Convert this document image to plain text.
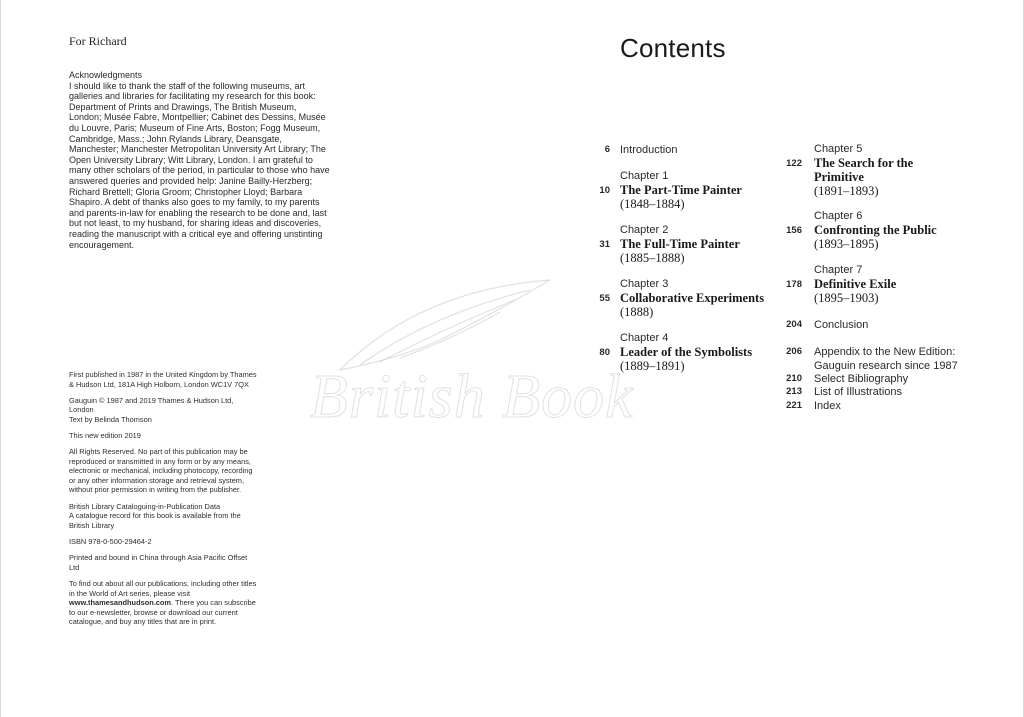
For Richard
Acknowledgments
I should like to thank the staff of the following museums, art galleries and libraries for facilitating my research for this book: Department of Prints and Drawings, The British Museum, London; Musée Fabre, Montpellier; Cabinet des Dessins, Musée du Louvre, Paris; Museum of Fine Arts, Boston; Fogg Museum, Cambridge, Mass.; John Rylands Library, Deansgate, Manchester; Manchester Metropolitan University Art Library; The Open University Library; Witt Library, London. I am grateful to many other scholars of the period, in particular to those who have answered queries and provided help: Janine Bailly-Herzberg; Richard Brettell; Gloria Groom; Christopher Lloyd; Barbara Shapiro. A debt of thanks also goes to my family, to my parents and parents-in-law for enabling the research to be done and, last but not least, to my husband, for sharing ideas and discoveries, reading the manuscript with a critical eye and offering unstinting encouragement.

First published in 1987 in the United Kingdom by Thames & Hudson Ltd, 181A High Holborn, London WC1V 7QX

Gauguin © 1987 and 2019 Thames & Hudson Ltd, London
Text by Belinda Thomson

This new edition 2019

All Rights Reserved. No part of this publication may be reproduced or transmitted in any form or by any means, electronic or mechanical, including photocopy, recording or any other information storage and retrieval system, without prior permission in writing from the publisher.

British Library Cataloguing-in-Publication Data
A catalogue record for this book is available from the British Library

ISBN 978-0-500-29464-2

Printed and bound in China through Asia Pacific Offset Ltd

To find out about all our publications, including other titles in the World of Art series, please visit www.thamesandhudson.com. There you can subscribe to our e-newsletter, browse or download our current catalogue, and buy any titles that are in print.

British Book
Contents
6 Introduction
10
Chapter 1
The Part-Time Painter
(1848–1884)
31
Chapter 2
The Full-Time Painter
(1885–1888)
55
Chapter 3
Collaborative Experiments
(1888)
80
Chapter 4
Leader of the Symbolists
(1889–1891)
122
Chapter 5
The Search for the
Primitive
(1891–1893)
156
Chapter 6
Confronting the Public
(1893–1895)
178
Chapter 7
Definitive Exile
(1895–1903)
204 Conclusion
206 Appendix to the New Edition:
Gauguin research since 1987
210 Select Bibliography
213 List of Illustrations
221 Index
